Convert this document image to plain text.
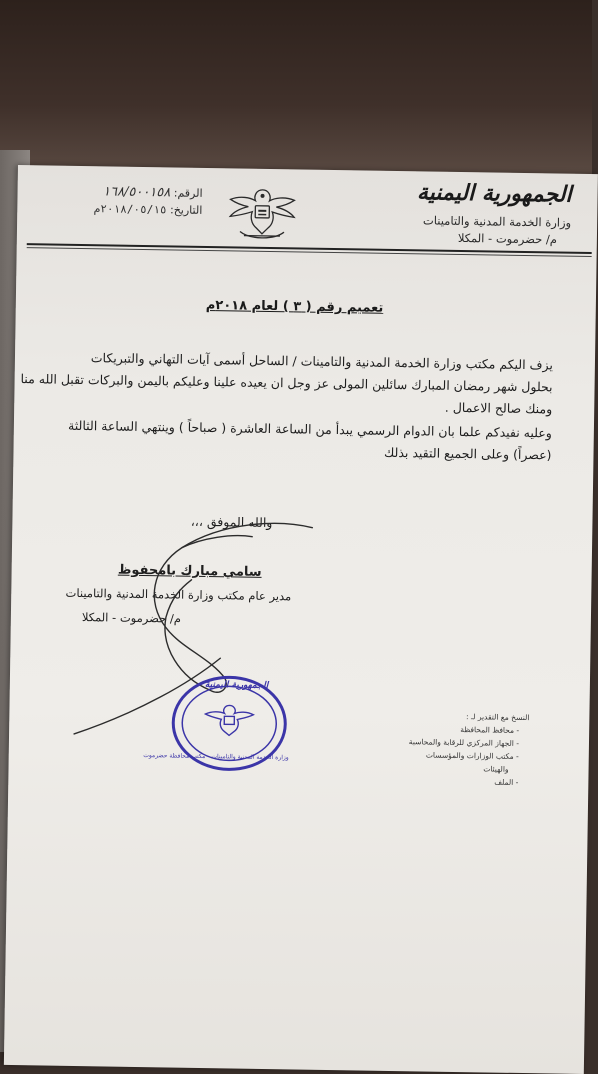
الجمهورية اليمنية
وزارة الخدمة المدنية والتامينات
م/ حضرموت - المكلا
الرقم: ١٦٨/٥٠٠١٥٨
التاريخ: ٢٠١٨/٠٥/١٥م
تعميم رقم ( ٣ ) لعام ٢٠١٨م
يزف اليكم مكتب وزارة الخدمة المدنية والتامينات / الساحل أسمى آيات التهاني والتبريكات
بحلول شهر رمضان المبارك سائلين المولى عز وجل ان يعيده علينا وعليكم باليمن والبركات تقبل الله منا
ومنك صالح الاعمال .
وعليه نفيدكم علما بان الدوام الرسمي يبدأ من الساعة العاشرة ( صباحاً ) وينتهي الساعة الثالثة
(عصراً) وعلى الجميع التقيد بذلك
والله الموفق ،،،
سامي مبارك بامحفوظ
مدير عام مكتب وزارة الخدمة المدنية والتامينات
م/ حضرموت - المكلا
الجمهورية اليمنية
وزارة الخدمة المدنية والتامينات - مكتب محافظة حضرموت
النسخ مع التقدير لـ :
- محافظ المحافظة
- الجهاز المركزي للرقابة والمحاسبة
- مكتب الوزارات والمؤسسات
والهيئات
- الملف
